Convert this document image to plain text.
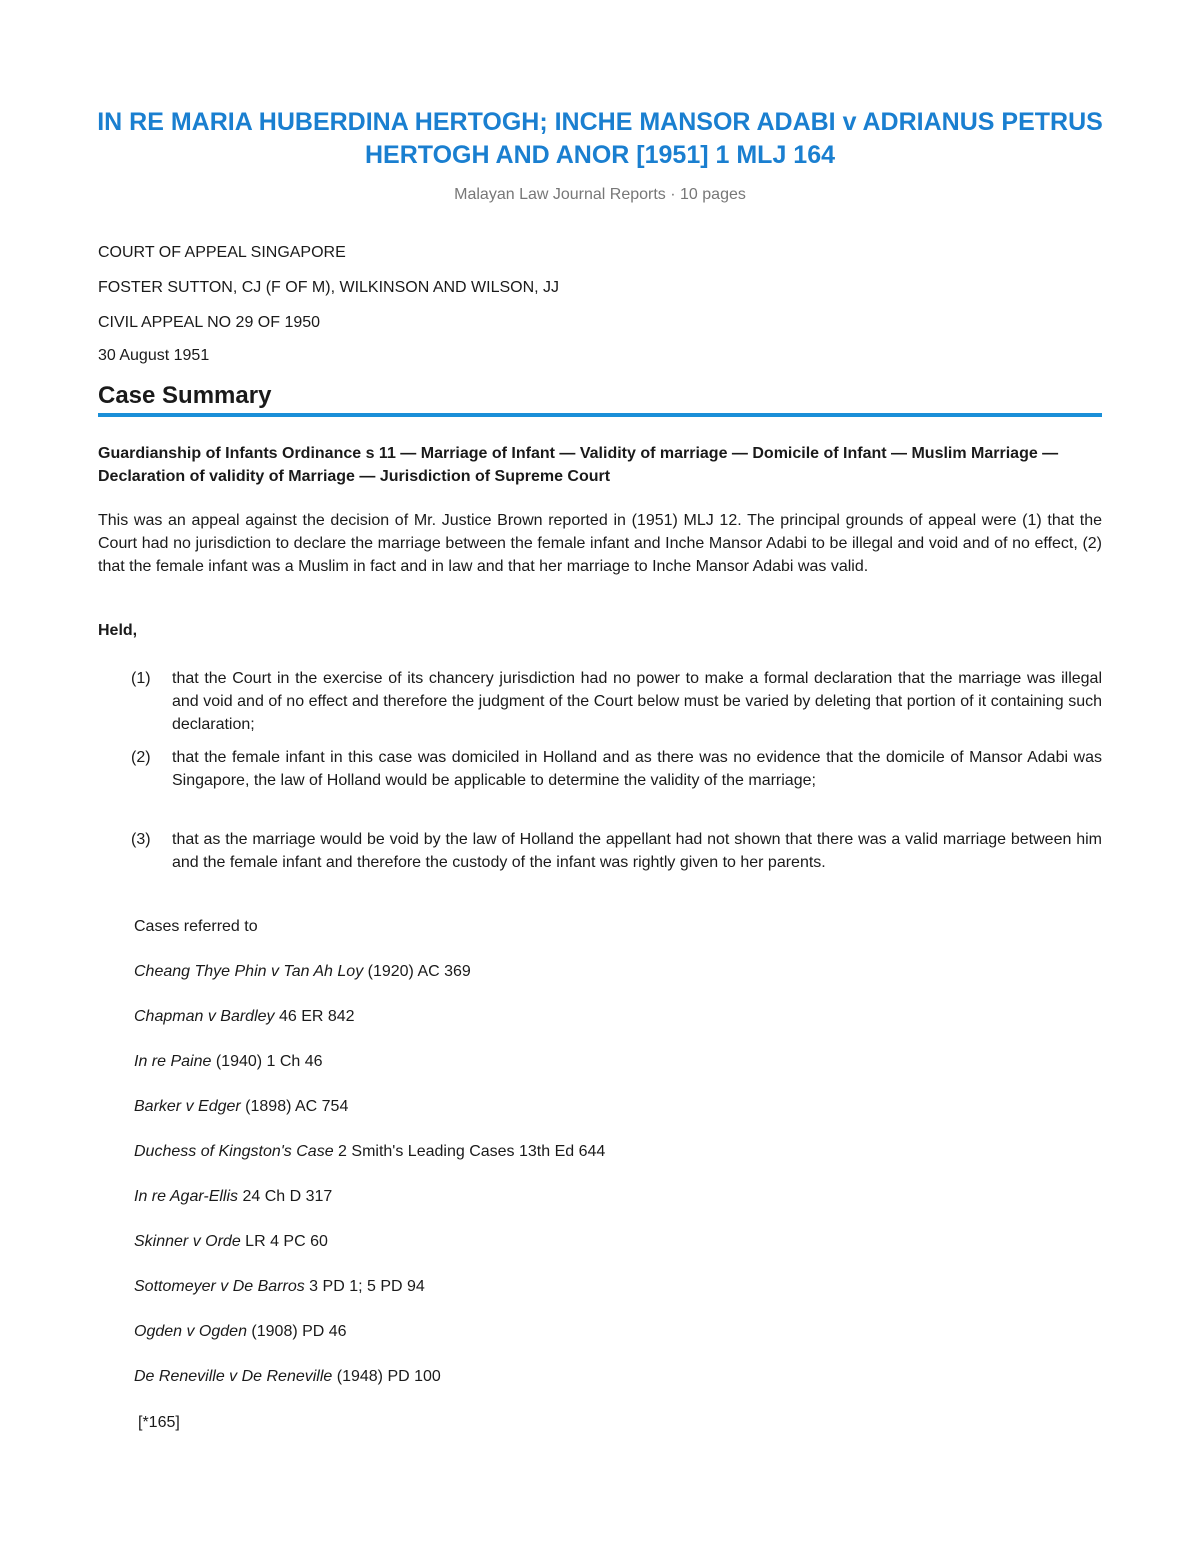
IN RE MARIA HUBERDINA HERTOGH; INCHE MANSOR ADABI v ADRIANUS PETRUS HERTOGH AND ANOR [1951] 1 MLJ 164
Malayan Law Journal Reports · 10 pages
COURT OF APPEAL SINGAPORE
FOSTER SUTTON, CJ (F OF M), WILKINSON AND WILSON, JJ
CIVIL APPEAL NO 29 OF 1950
30 August 1951
Case Summary
Guardianship of Infants Ordinance s 11 — Marriage of Infant — Validity of marriage — Domicile of Infant — Muslim Marriage — Declaration of validity of Marriage — Jurisdiction of Supreme Court
This was an appeal against the decision of Mr. Justice Brown reported in (1951) MLJ 12. The principal grounds of appeal were (1) that the Court had no jurisdiction to declare the marriage between the female infant and Inche Mansor Adabi to be illegal and void and of no effect, (2) that the female infant was a Muslim in fact and in law and that her marriage to Inche Mansor Adabi was valid.
Held,
(1) that the Court in the exercise of its chancery jurisdiction had no power to make a formal declaration that the marriage was illegal and void and of no effect and therefore the judgment of the Court below must be varied by deleting that portion of it containing such declaration;
(2) that the female infant in this case was domiciled in Holland and as there was no evidence that the domicile of Mansor Adabi was Singapore, the law of Holland would be applicable to determine the validity of the marriage;
(3) that as the marriage would be void by the law of Holland the appellant had not shown that there was a valid marriage between him and the female infant and therefore the custody of the infant was rightly given to her parents.
Cases referred to
Cheang Thye Phin v Tan Ah Loy (1920) AC 369
Chapman v Bardley 46 ER 842
In re Paine (1940) 1 Ch 46
Barker v Edger (1898) AC 754
Duchess of Kingston's Case 2 Smith's Leading Cases 13th Ed 644
In re Agar-Ellis 24 Ch D 317
Skinner v Orde LR 4 PC 60
Sottomeyer v De Barros 3 PD 1; 5 PD 94
Ogden v Ogden (1908) PD 46
De Reneville v De Reneville (1948) PD 100
[*165]
